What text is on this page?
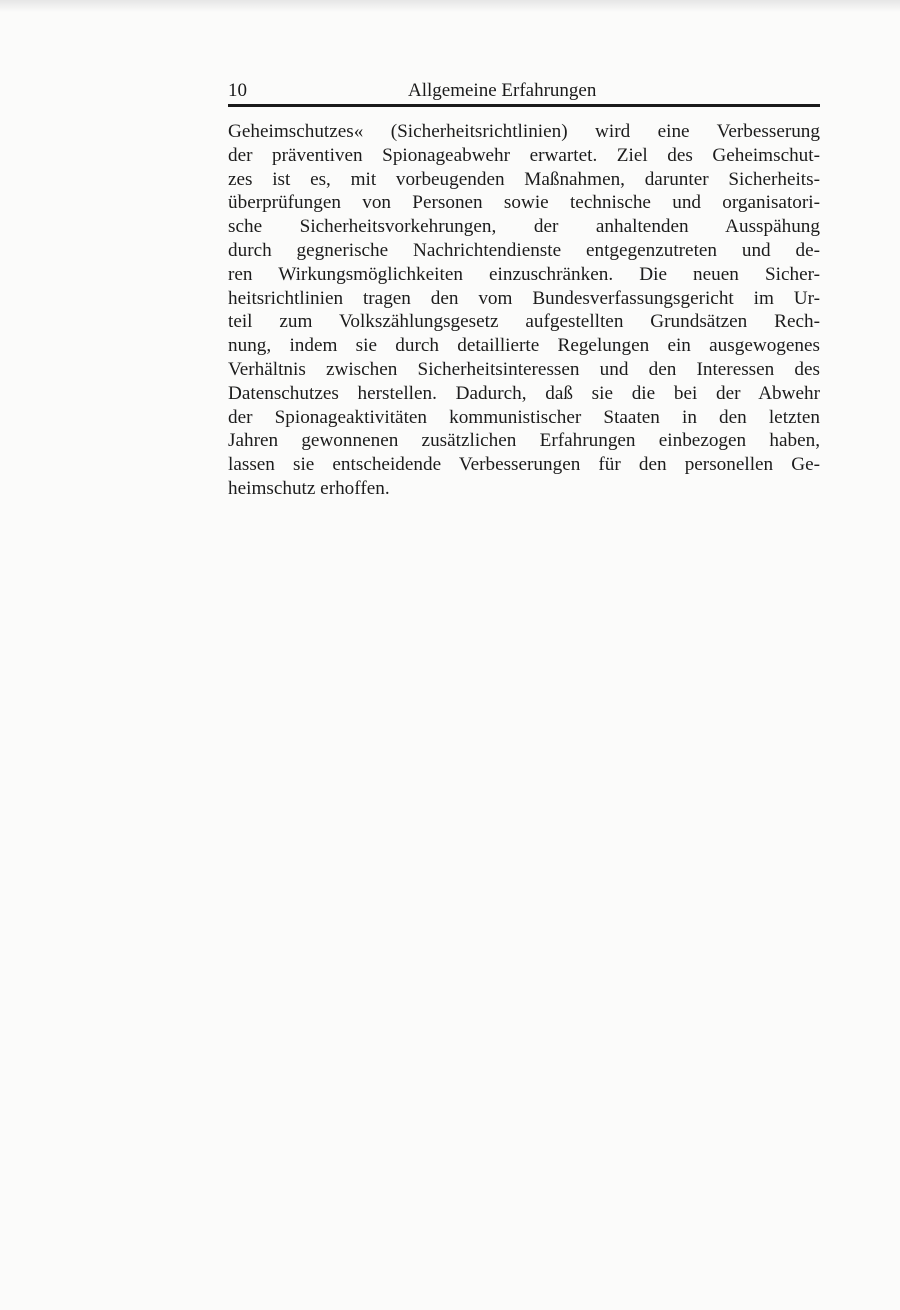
10	Allgemeine Erfahrungen
Geheimschutzes« (Sicherheitsrichtlinien) wird eine Verbesserung
der präventiven Spionageabwehr erwartet. Ziel des Geheimschut-
zes ist es, mit vorbeugenden Maßnahmen, darunter Sicherheits-
überprüfungen von Personen sowie technische und organisatori-
sche Sicherheitsvorkehrungen, der anhaltenden Ausspähung
durch gegnerische Nachrichtendienste entgegenzutreten und de-
ren Wirkungsmöglichkeiten einzuschränken. Die neuen Sicher-
heitsrichtlinien tragen den vom Bundesverfassungsgericht im Ur-
teil zum Volkszählungsgesetz aufgestellten Grundsätzen Rech-
nung, indem sie durch detaillierte Regelungen ein ausgewogenes
Verhältnis zwischen Sicherheitsinteressen und den Interessen des
Datenschutzes herstellen. Dadurch, daß sie die bei der Abwehr
der Spionageaktivitäten kommunistischer Staaten in den letzten
Jahren gewonnenen zusätzlichen Erfahrungen einbezogen haben,
lassen sie entscheidende Verbesserungen für den personellen Ge-
heimschutz erhoffen.
